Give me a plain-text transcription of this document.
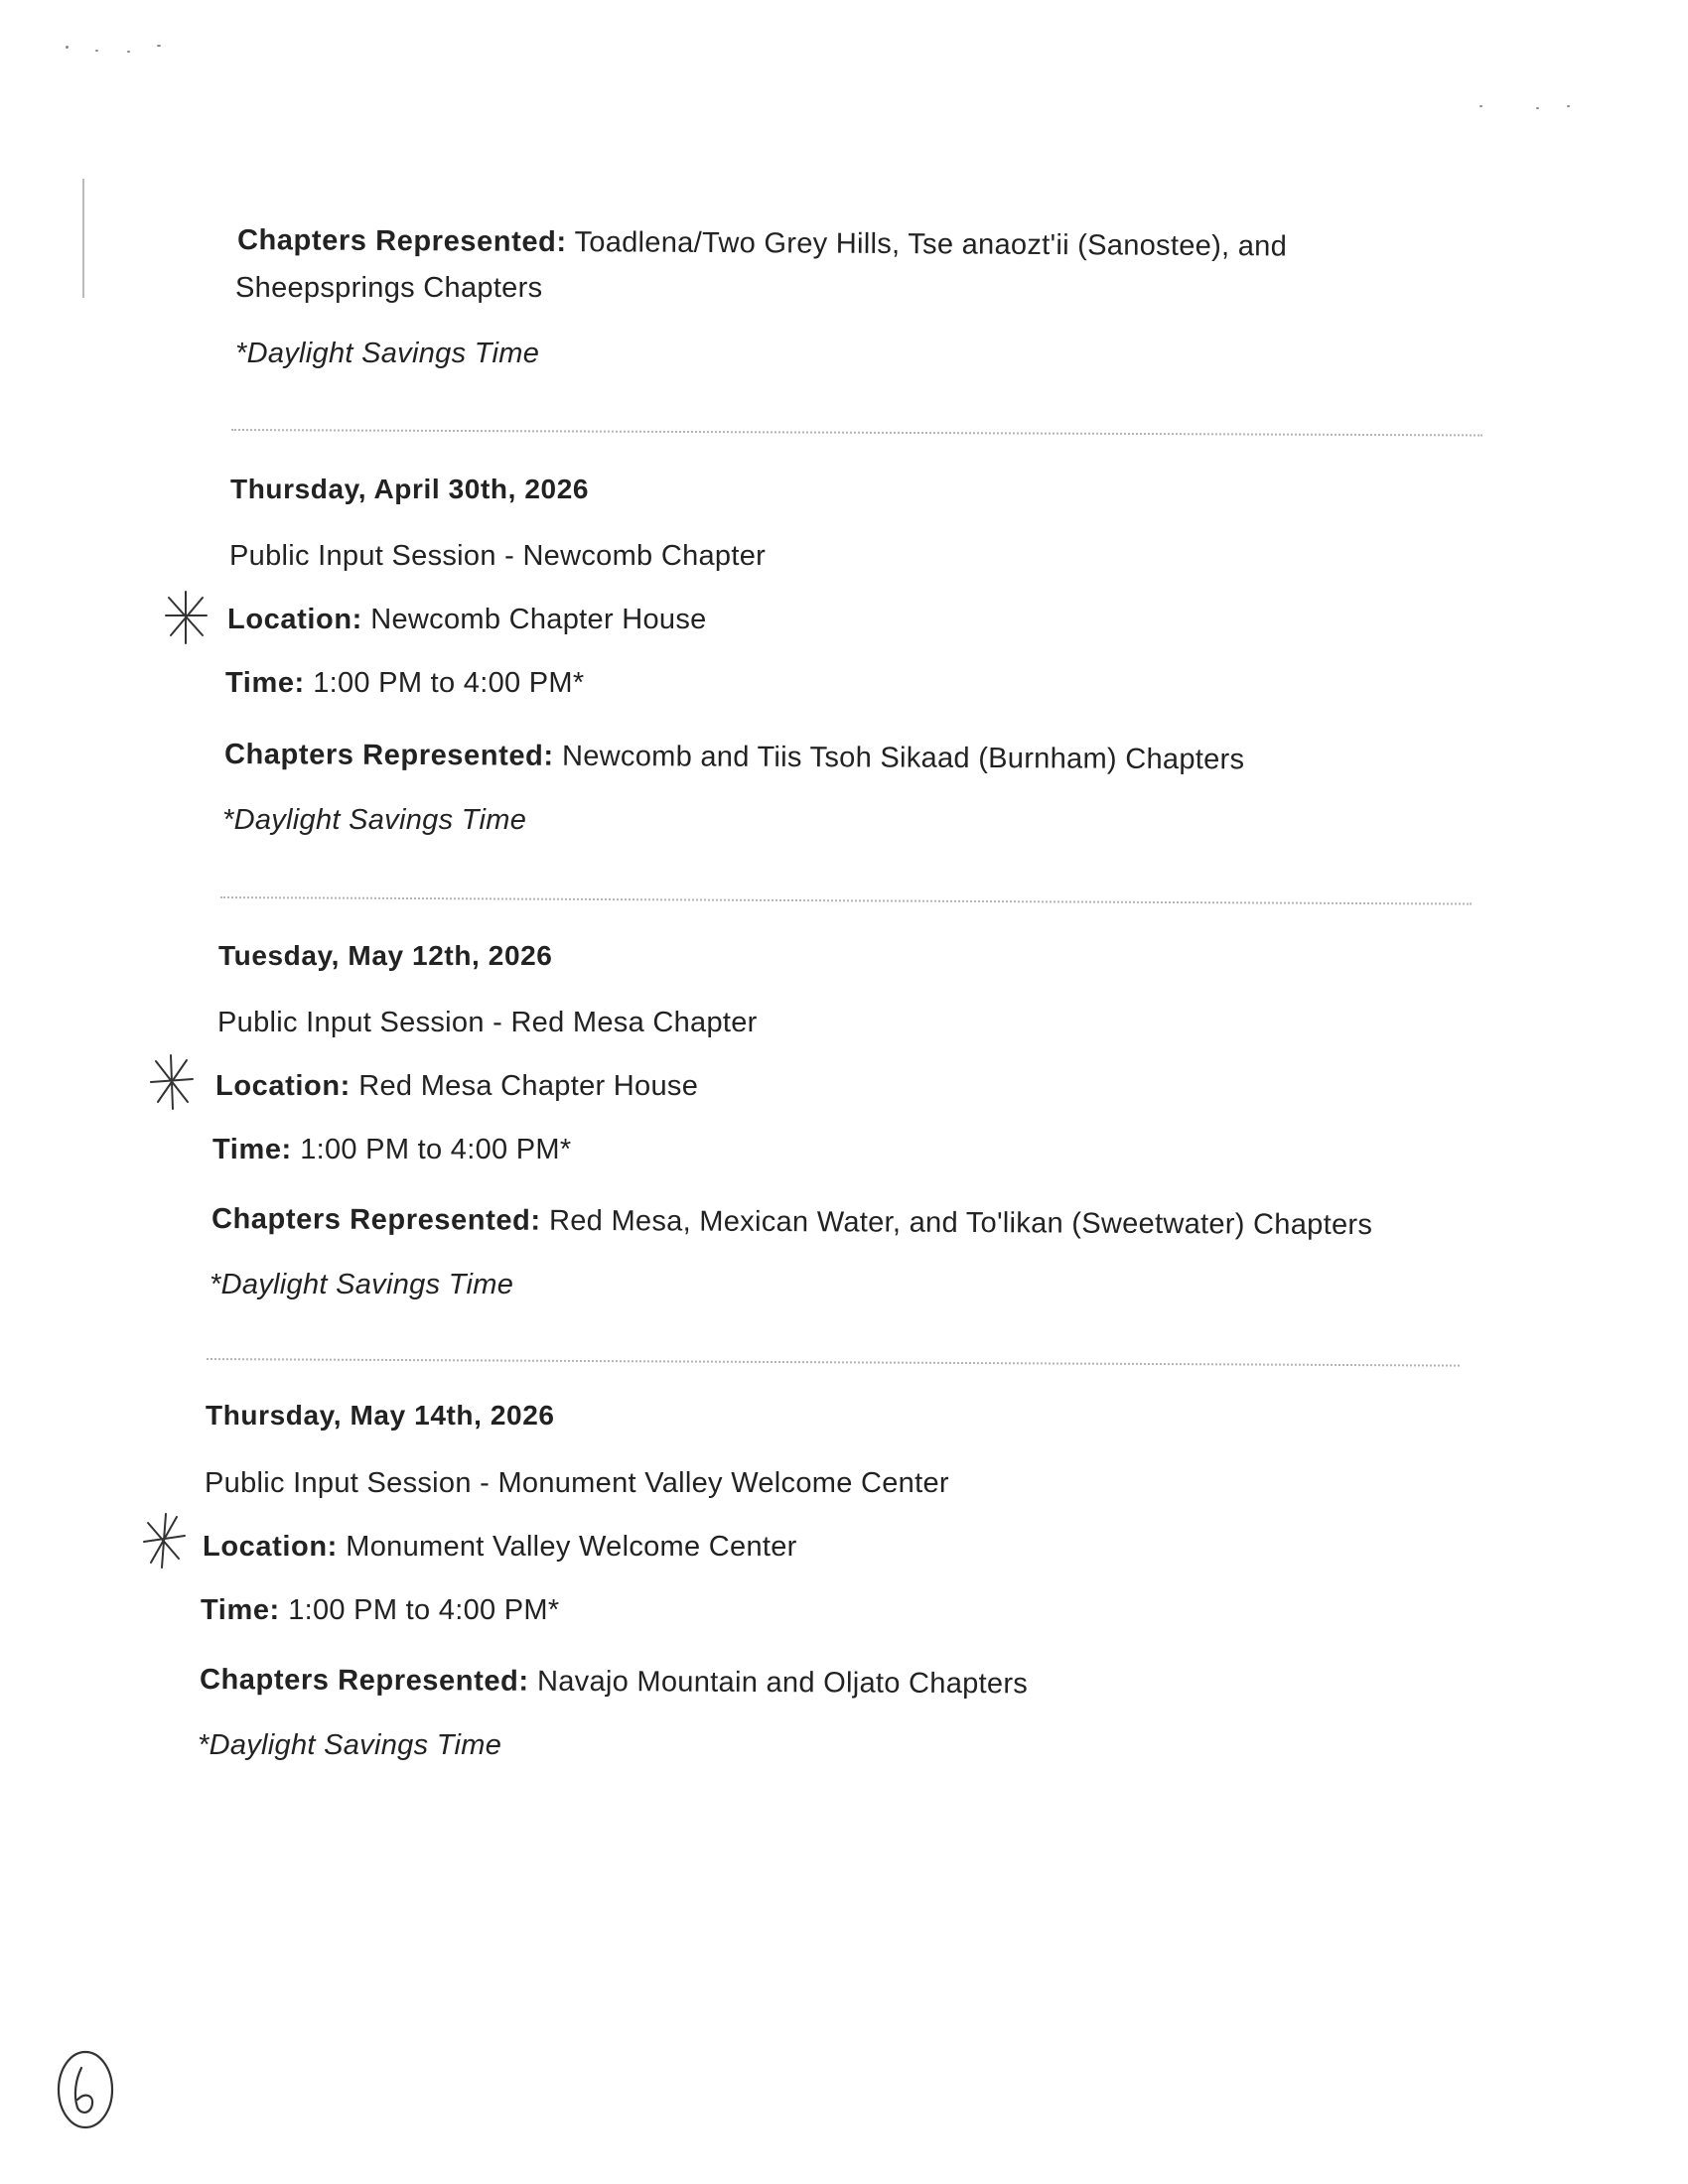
Chapters Represented: Toadlena/Two Grey Hills, Tse anaozt'ii (Sanostee), and
Sheepsprings Chapters
*Daylight Savings Time
Thursday, April 30th, 2026
Public Input Session - Newcomb Chapter
Location: Newcomb Chapter House
Time: 1:00 PM to 4:00 PM*
Chapters Represented: Newcomb and Tiis Tsoh Sikaad (Burnham) Chapters
*Daylight Savings Time
Tuesday, May 12th, 2026
Public Input Session - Red Mesa Chapter
Location: Red Mesa Chapter House
Time: 1:00 PM to 4:00 PM*
Chapters Represented: Red Mesa, Mexican Water, and To'likan (Sweetwater) Chapters
*Daylight Savings Time
Thursday, May 14th, 2026
Public Input Session - Monument Valley Welcome Center
Location: Monument Valley Welcome Center
Time: 1:00 PM to 4:00 PM*
Chapters Represented: Navajo Mountain and Oljato Chapters
*Daylight Savings Time
